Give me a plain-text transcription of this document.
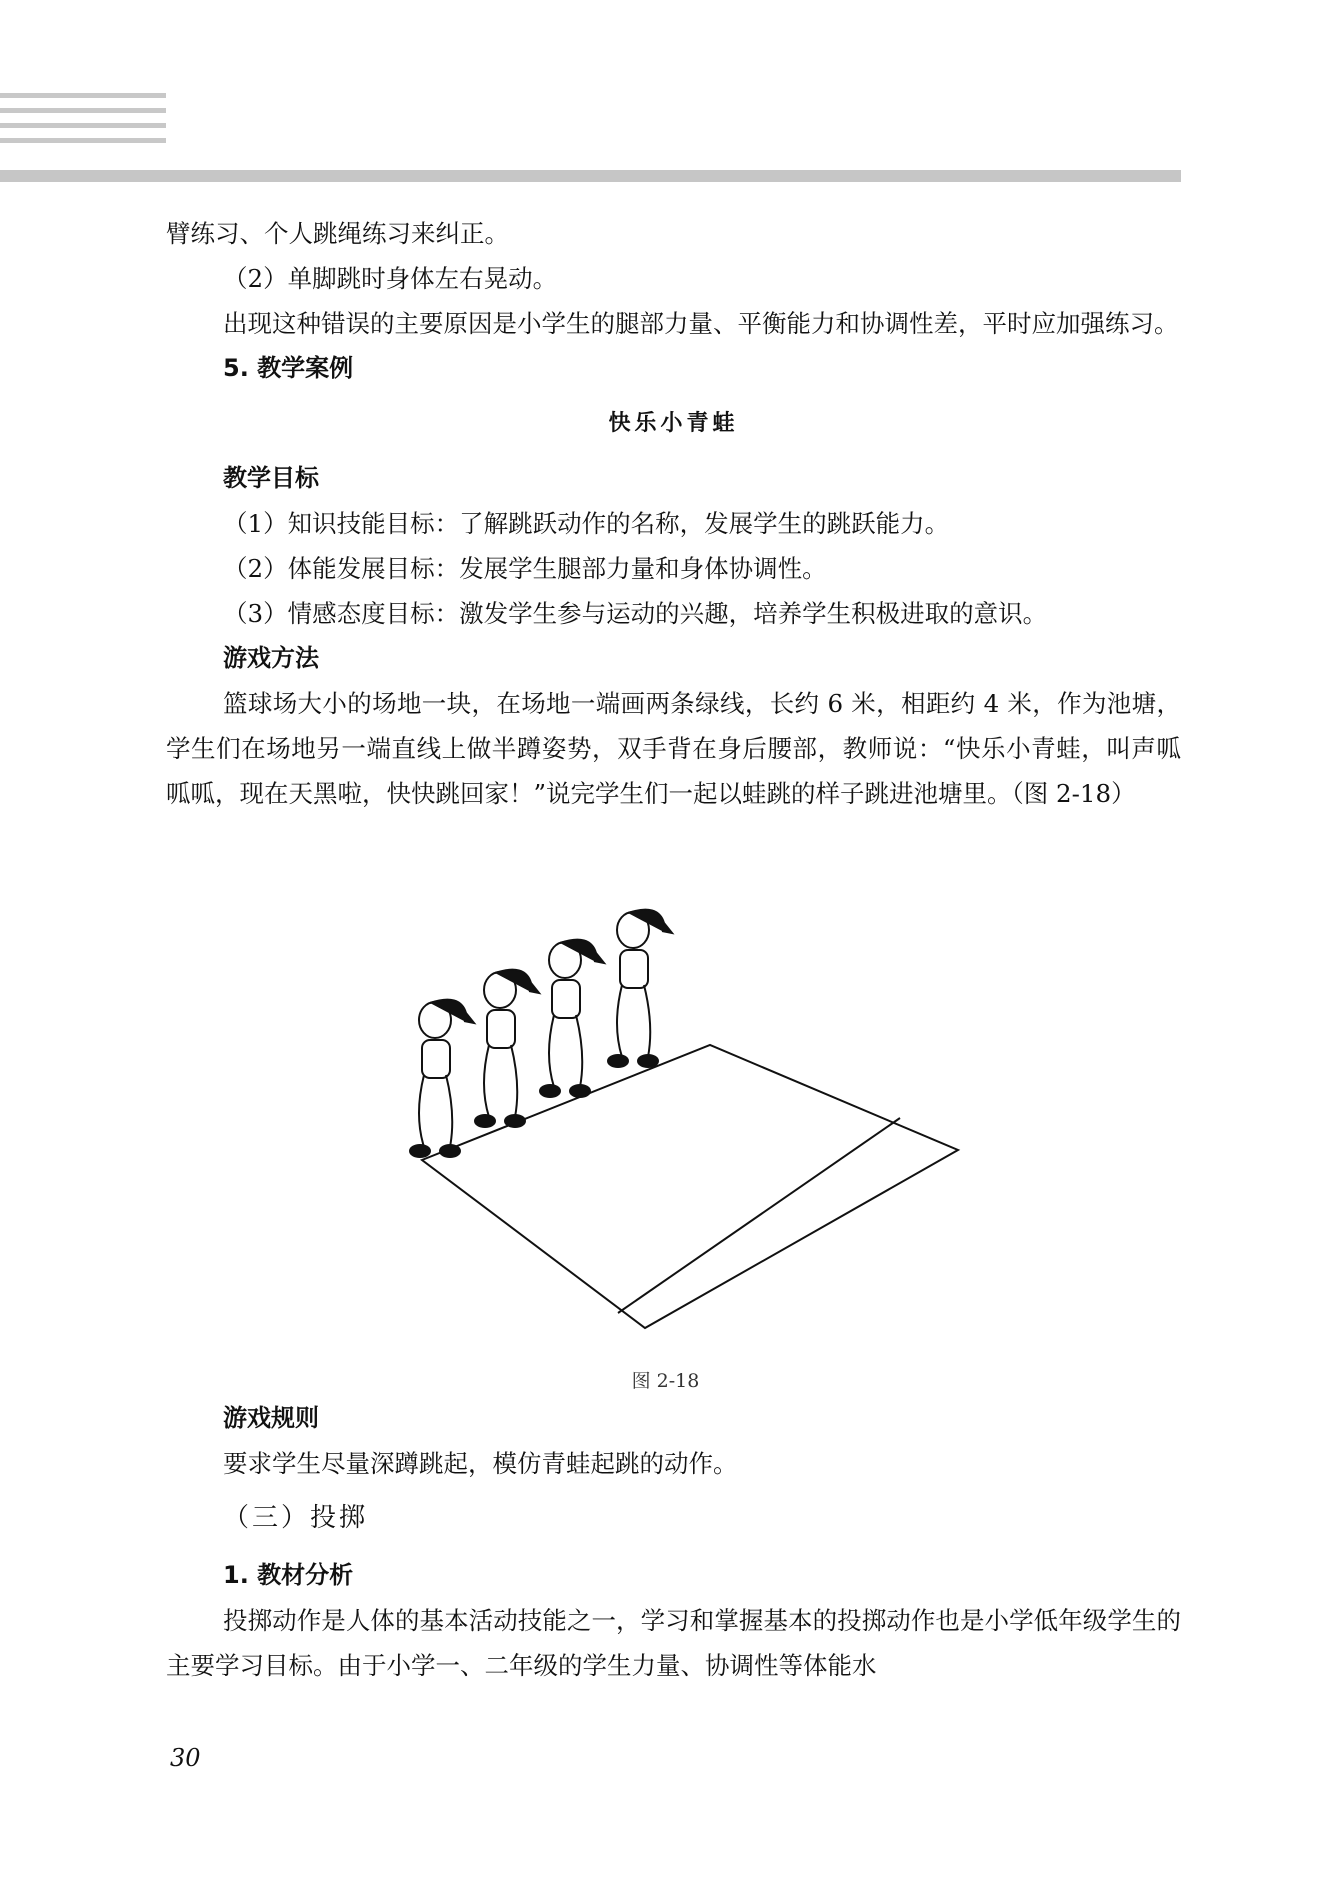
臂练习、个人跳绳练习来纠正。

（2）单脚跳时身体左右晃动。

出现这种错误的主要原因是小学生的腿部力量、平衡能力和协调性差，平时应加强练习。

5. 教学案例

快乐小青蛙

教学目标

（1）知识技能目标：了解跳跃动作的名称，发展学生的跳跃能力。

（2）体能发展目标：发展学生腿部力量和身体协调性。

（3）情感态度目标：激发学生参与运动的兴趣，培养学生积极进取的意识。

游戏方法

篮球场大小的场地一块，在场地一端画两条绿线，长约 6 米，相距约 4 米，作为池塘，学生们在场地另一端直线上做半蹲姿势，双手背在身后腰部，教师说：“快乐小青蛙，叫声呱呱呱，现在天黑啦，快快跳回家！”说完学生们一起以蛙跳的样子跳进池塘里。（图 2-18）

图 2-18

游戏规则

要求学生尽量深蹲跳起，模仿青蛙起跳的动作。

（三）投掷

1. 教材分析

投掷动作是人体的基本活动技能之一，学习和掌握基本的投掷动作也是小学低年级学生的主要学习目标。由于小学一、二年级的学生力量、协调性等体能水

30
